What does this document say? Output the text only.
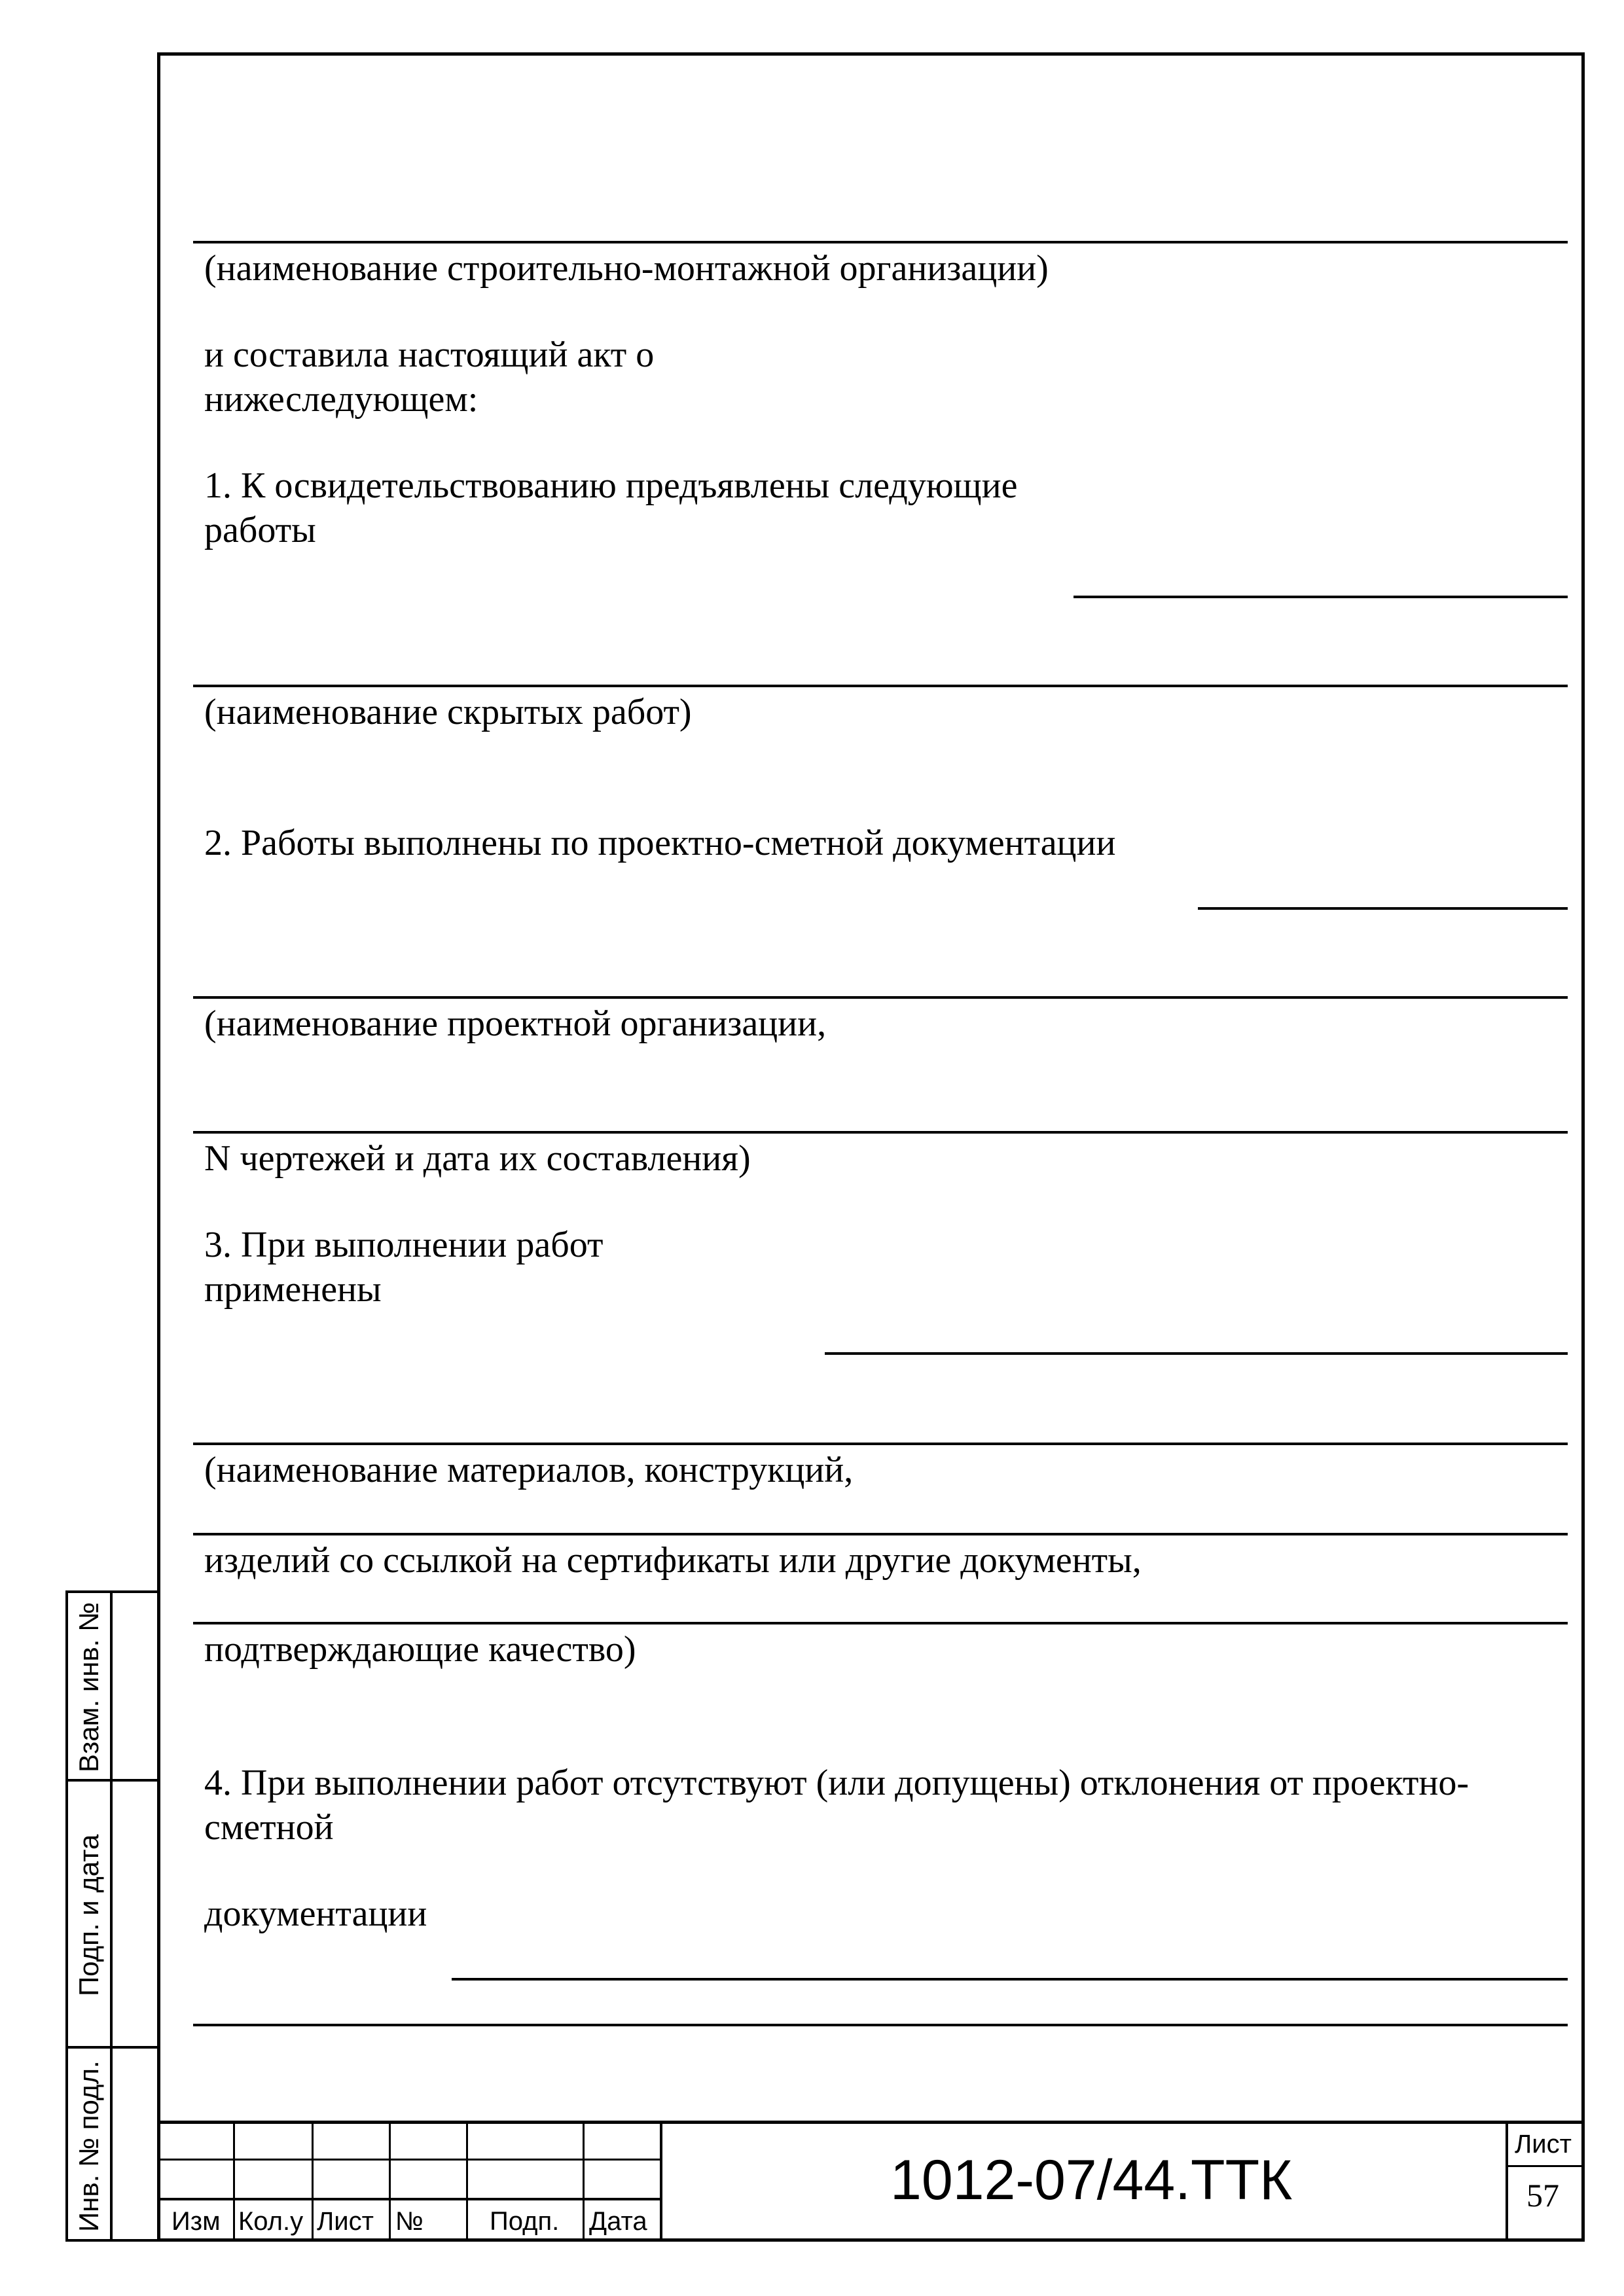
(наименование строительно-монтажной организации)
и составила настоящий акт о
нижеследующем:
1. К освидетельствованию предъявлены следующие
работы
(наименование скрытых работ)
2. Работы выполнены по проектно-сметной документации
(наименование проектной организации,
N чертежей и дата их составления)
3. При выполнении работ
применены
(наименование материалов, конструкций,
изделий со ссылкой на сертификаты или другие документы,
подтверждающие качество)
4. При выполнении работ отсутствуют (или допущены) отклонения от проектно-
сметной
документации
Взам. инв. №
Подп. и дата
Инв. № подл.	Изм Кол.у Лист №	Подп. Дата
1012-07/44.ТТК
Лист
57
